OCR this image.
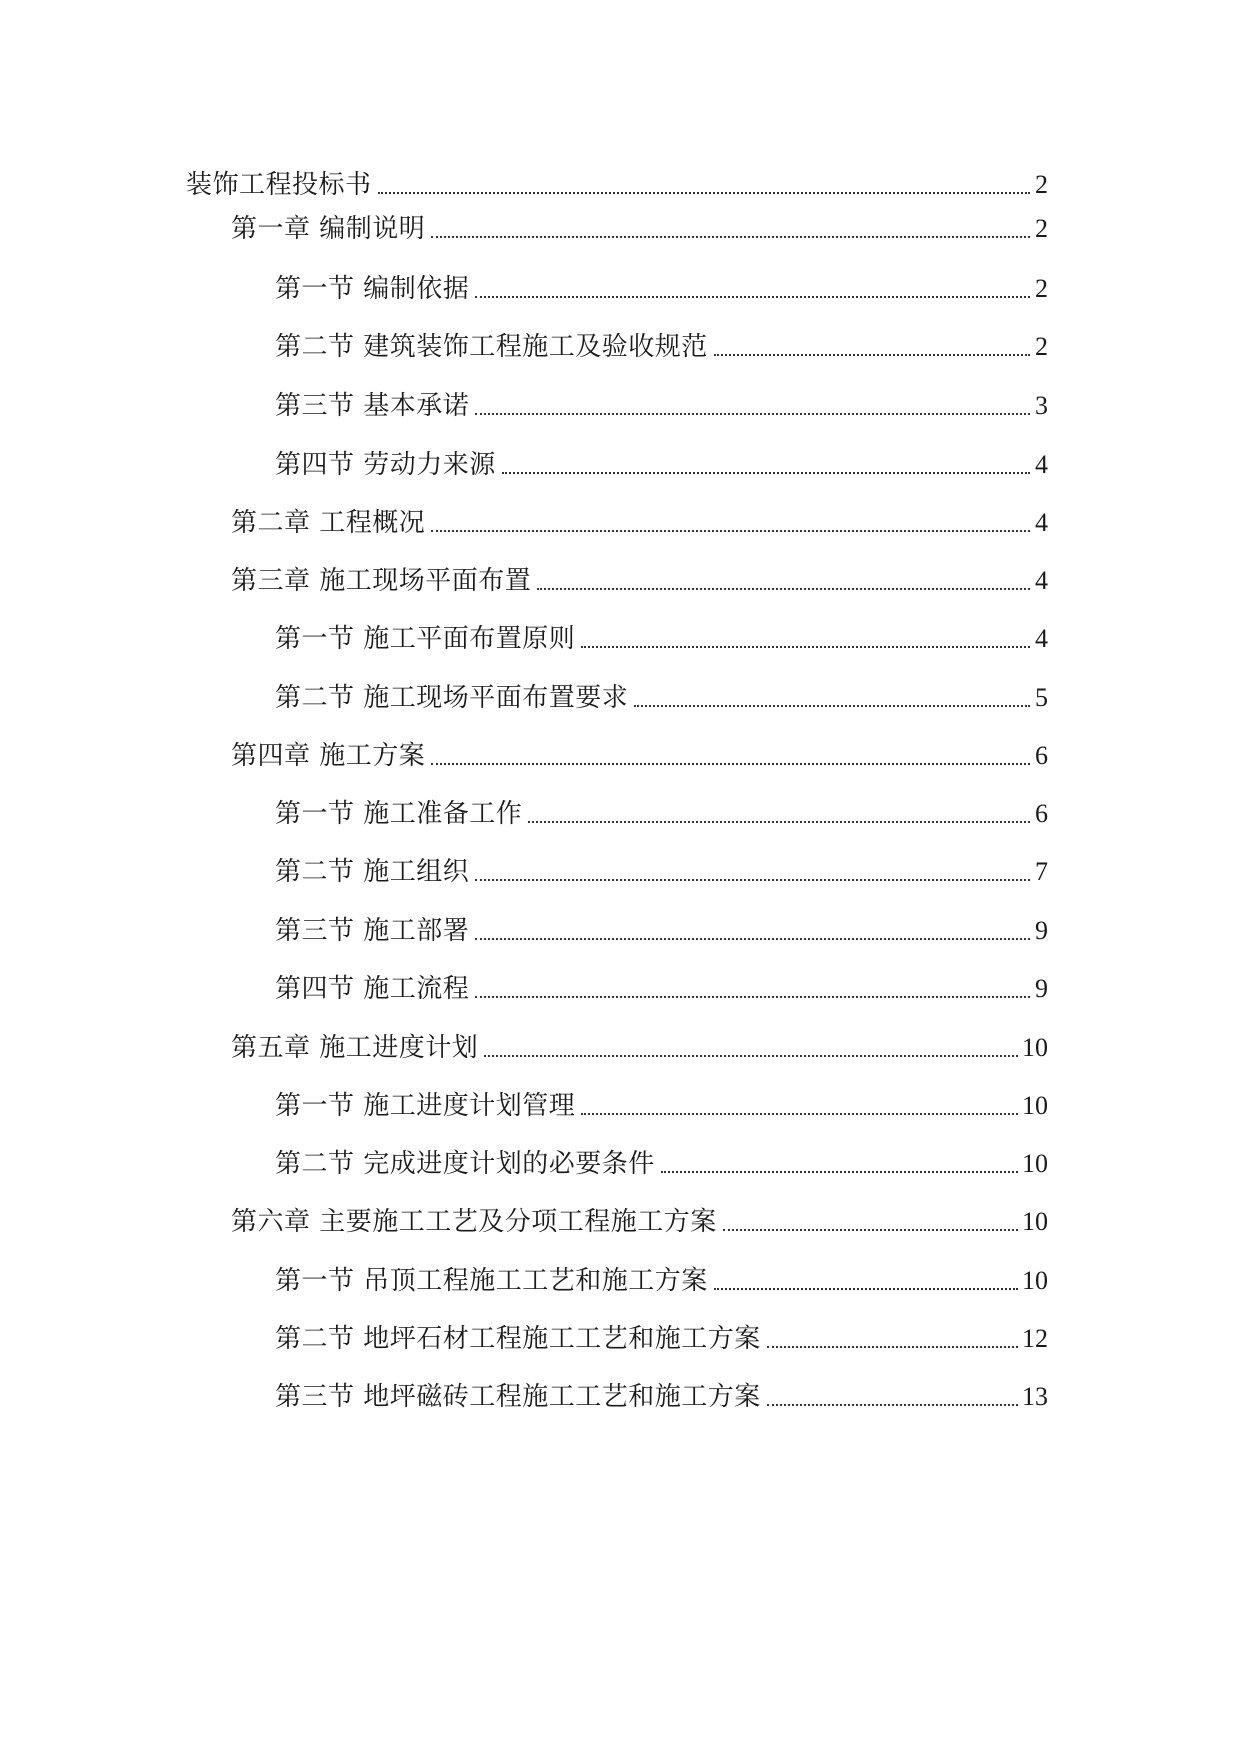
装饰工程投标书	2
第一章 编制说明	2
第一节 编制依据	2
第二节 建筑装饰工程施工及验收规范	2
第三节 基本承诺	3
第四节 劳动力来源	4
第二章 工程概况	4
第三章 施工现场平面布置	4
第一节 施工平面布置原则	4
第二节 施工现场平面布置要求	5
第四章 施工方案	6
第一节 施工准备工作	6
第二节 施工组织	7
第三节 施工部署	9
第四节 施工流程	9
第五章 施工进度计划	10
第一节 施工进度计划管理	10
第二节 完成进度计划的必要条件	10
第六章 主要施工工艺及分项工程施工方案	10
第一节 吊顶工程施工工艺和施工方案	10
第二节 地坪石材工程施工工艺和施工方案	12
第三节 地坪磁砖工程施工工艺和施工方案	13
